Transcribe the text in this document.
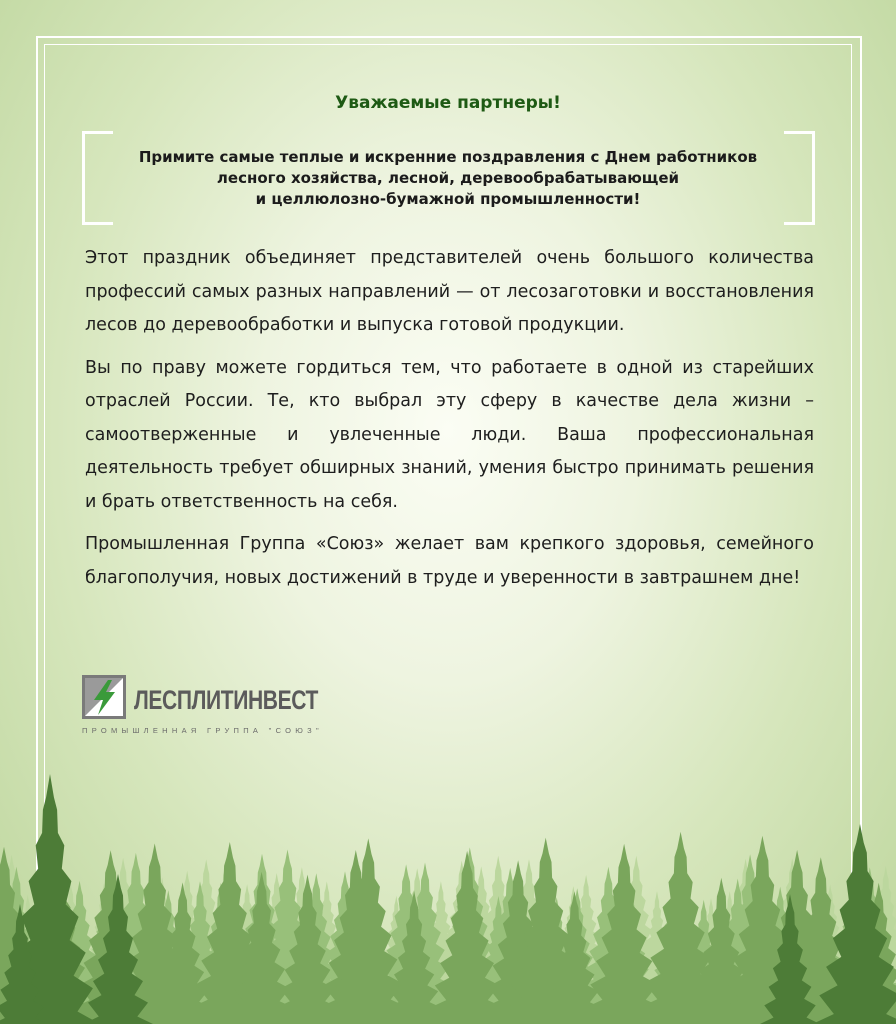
Уважаемые партнеры!

Примите самые теплые и искренние поздравления с Днем работников
лесного хозяйства, лесной, деревообрабатывающей
и целлюлозно-бумажной промышленности!

Этот праздник объединяет представителей очень большого количества профессий самых разных направлений — от лесозаготовки и восстановления лесов до деревообработки и выпуска готовой продукции.

Вы по праву можете гордиться тем, что работаете в одной из старейших отраслей России. Те, кто выбрал эту сферу в качестве дела жизни – самоотверженные и увлеченные люди. Ваша профессиональная деятельность требует обширных знаний, умения быстро принимать решения и брать ответственность на себя.

Промышленная Группа «Союз» желает вам крепкого здоровья, семейного благополучия, новых достижений в труде и уверенности в завтрашнем дне!

ЛЕСПЛИТИНВЕСТ
ПРОМЫШЛЕННАЯ ГРУППА "СОЮЗ"
